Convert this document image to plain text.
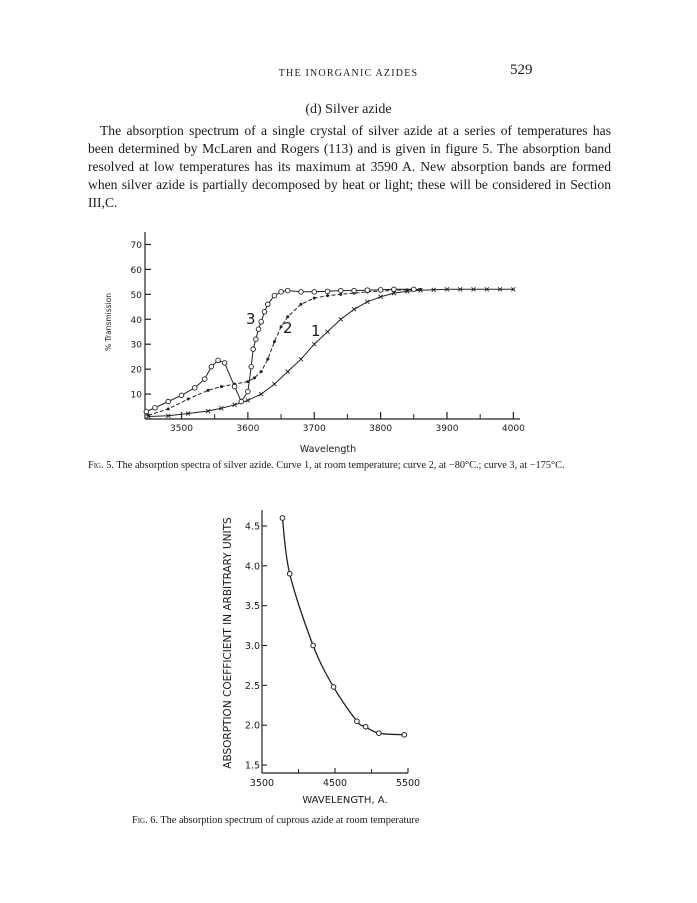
THE INORGANIC AZIDES	529
(d) Silver azide

The absorption spectrum of a single crystal of silver azide at a series of temperatures has been determined by McLaren and Rogers (113) and is given in figure 5. The absorption band resolved at low temperatures has its maximum at 3590 A. New absorption bands are formed when silver azide is partially decomposed by heat or light; these will be considered in Section III,C.

10
20
30
40
50
60
70
3500	3600	3700	3800	3900	4000
Wavelength
% Transmission	3 2 1
1.5
2.0
2.5
3.0
3.5
4.0
4.5
3500	4500	5500
WAVELENGTH, A.
ABSORPTION COEFFICIENT IN ARBITRARY UNITS
Fig. 5. The absorption spectra of silver azide. Curve 1, at room temperature; curve 2, at −80°C.; curve 3, at −175°C.
Fig. 6. The absorption spectrum of cuprous azide at room temperature
